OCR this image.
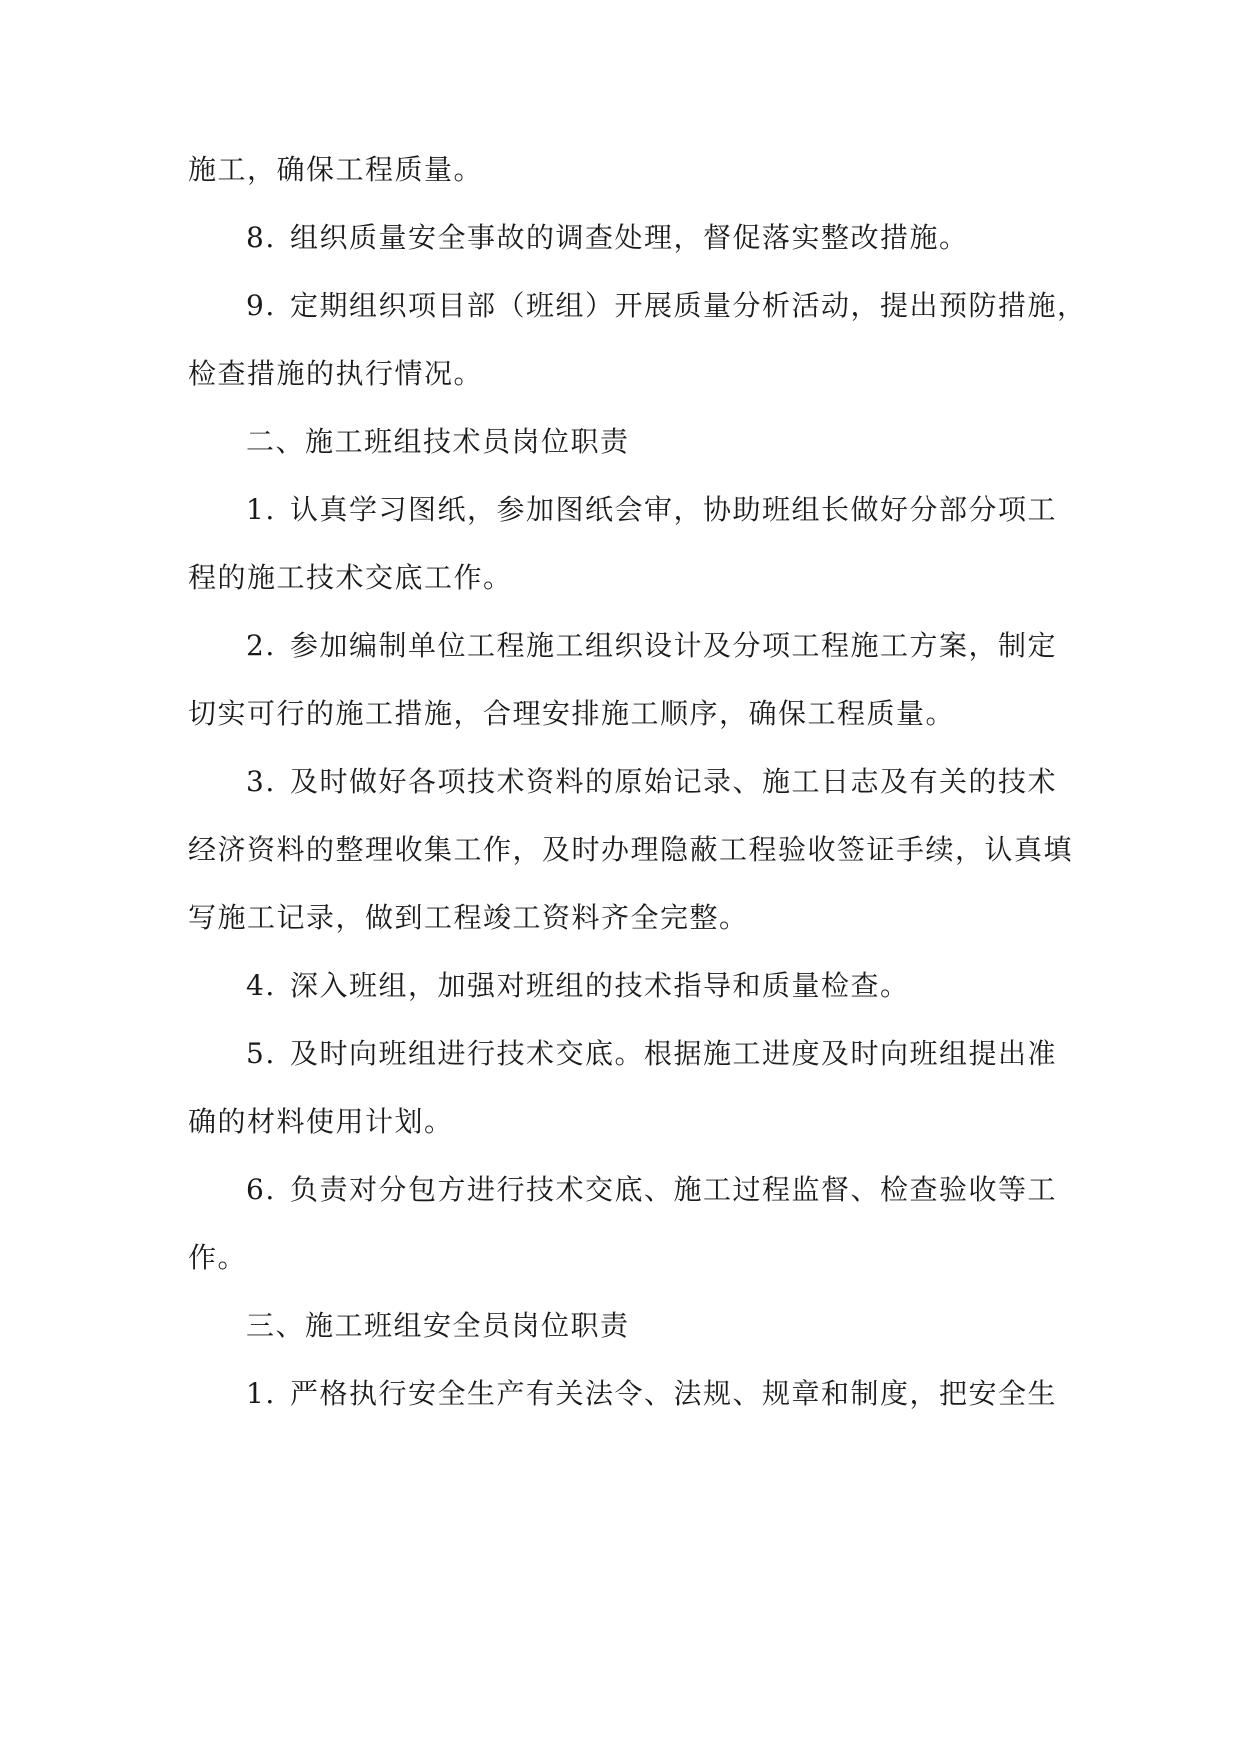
施工，确保工程质量。
8. 组织质量安全事故的调查处理，督促落实整改措施。
9. 定期组织项目部（班组）开展质量分析活动，提出预防措施，
检查措施的执行情况。
二、施工班组技术员岗位职责
1. 认真学习图纸，参加图纸会审，协助班组长做好分部分项工
程的施工技术交底工作。
2. 参加编制单位工程施工组织设计及分项工程施工方案，制定
切实可行的施工措施，合理安排施工顺序，确保工程质量。
3. 及时做好各项技术资料的原始记录、施工日志及有关的技术
经济资料的整理收集工作，及时办理隐蔽工程验收签证手续，认真填
写施工记录，做到工程竣工资料齐全完整。
4. 深入班组，加强对班组的技术指导和质量检查。
5. 及时向班组进行技术交底。根据施工进度及时向班组提出准
确的材料使用计划。
6. 负责对分包方进行技术交底、施工过程监督、检查验收等工
作。
三、施工班组安全员岗位职责
1. 严格执行安全生产有关法令、法规、规章和制度，把安全生
